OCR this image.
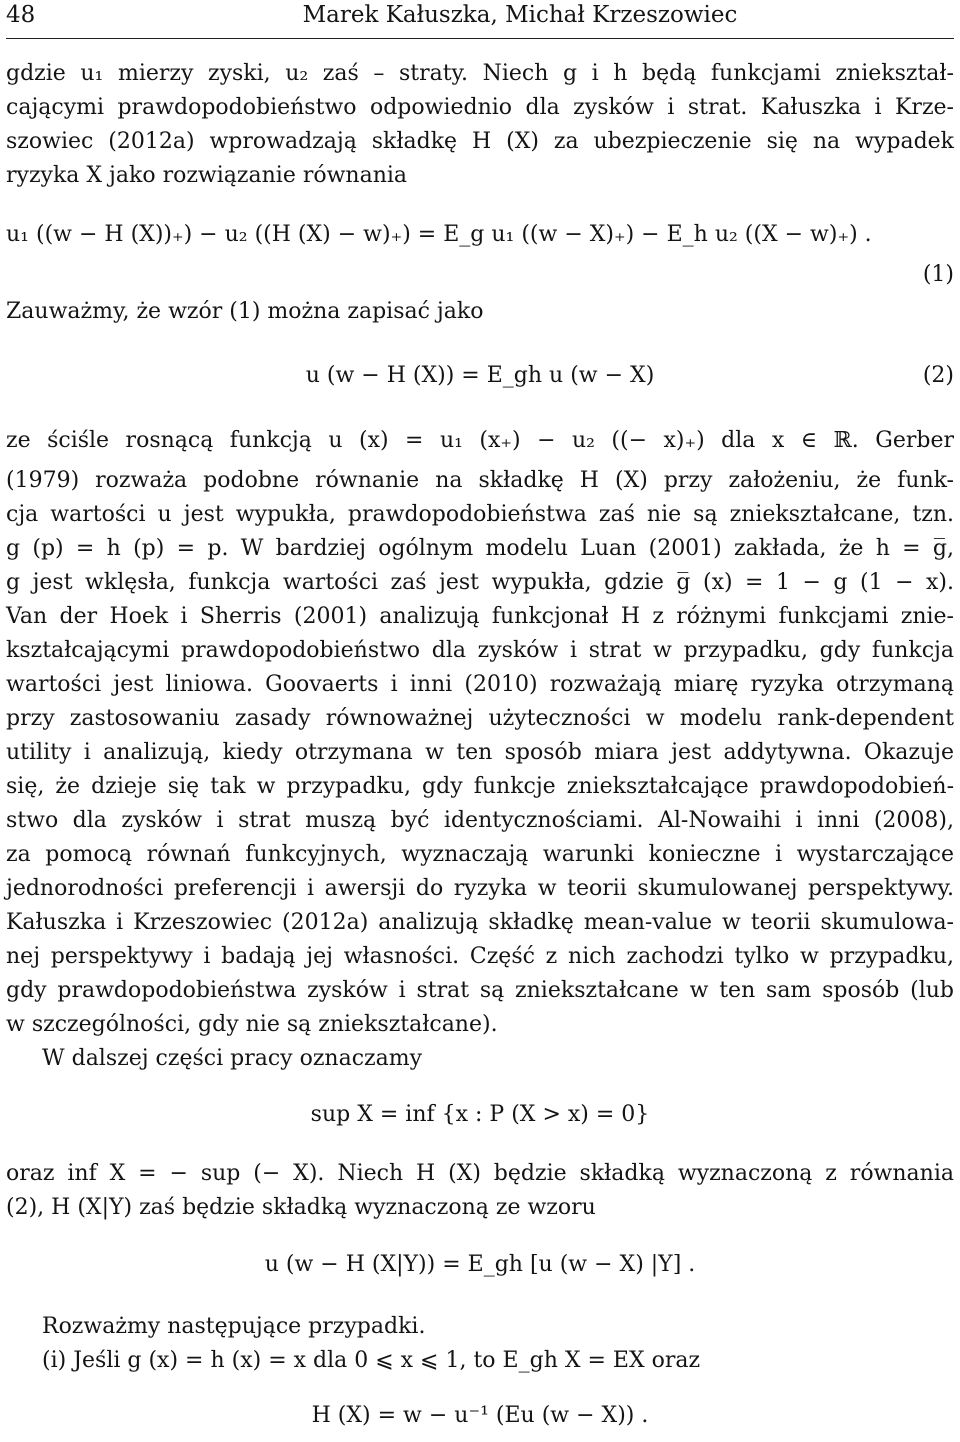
48	Marek Kałuszka, Michał Krzeszowiec
gdzie u₁ mierzy zyski, u₂ zaś – straty. Niech g i h będą funkcjami zniekształ-
cającymi prawdopodobieństwo odpowiednio dla zysków i strat. Kałuszka i Krze-
szowiec (2012a) wprowadzają składkę H (X) za ubezpieczenie się na wypadek
ryzyka X jako rozwiązanie równania
u₁ ((w − H (X))₊) − u₂ ((H (X) − w)₊) = E_g u₁ ((w − X)₊) − E_h u₂ ((X − w)₊) .
(1)
Zauważmy, że wzór (1) można zapisać jako
u (w − H (X)) = E_gh u (w − X)	(2)
ze ściśle rosnącą funkcją u (x) = u₁ (x₊) − u₂ ((− x)₊) dla x ∈ ℝ. Gerber
(1979) rozważa podobne równanie na składkę H (X) przy założeniu, że funk-
cja wartości u jest wypukła, prawdopodobieństwa zaś nie są zniekształcane, tzn.
g (p) = h (p) = p. W bardziej ogólnym modelu Luan (2001) zakłada, że h = g̅,
g jest wklęsła, funkcja wartości zaś jest wypukła, gdzie g̅ (x) = 1 − g (1 − x).
Van der Hoek i Sherris (2001) analizują funkcjonał H z różnymi funkcjami znie-
kształcającymi prawdopodobieństwo dla zysków i strat w przypadku, gdy funkcja
wartości jest liniowa. Goovaerts i inni (2010) rozważają miarę ryzyka otrzymaną
przy zastosowaniu zasady równoważnej użyteczności w modelu rank-dependent
utility i analizują, kiedy otrzymana w ten sposób miara jest addytywna. Okazuje
się, że dzieje się tak w przypadku, gdy funkcje zniekształcające prawdopodobień-
stwo dla zysków i strat muszą być identycznościami. Al-Nowaihi i inni (2008),
za pomocą równań funkcyjnych, wyznaczają warunki konieczne i wystarczające
jednorodności preferencji i awersji do ryzyka w teorii skumulowanej perspektywy.
Kałuszka i Krzeszowiec (2012a) analizują składkę mean-value w teorii skumulowa-
nej perspektywy i badają jej własności. Część z nich zachodzi tylko w przypadku,
gdy prawdopodobieństwa zysków i strat są zniekształcane w ten sam sposób (lub
w szczególności, gdy nie są zniekształcane).
W dalszej części pracy oznaczamy
sup X = inf {x : P (X > x) = 0}
oraz inf X = − sup (− X). Niech H (X) będzie składką wyznaczoną z równania
(2), H (X|Y) zaś będzie składką wyznaczoną ze wzoru
u (w − H (X|Y)) = E_gh [u (w − X) |Y] .
Rozważmy następujące przypadki.
(i) Jeśli g (x) = h (x) = x dla 0 ⩽ x ⩽ 1, to E_gh X = EX oraz
H (X) = w − u⁻¹ (Eu (w − X)) .
